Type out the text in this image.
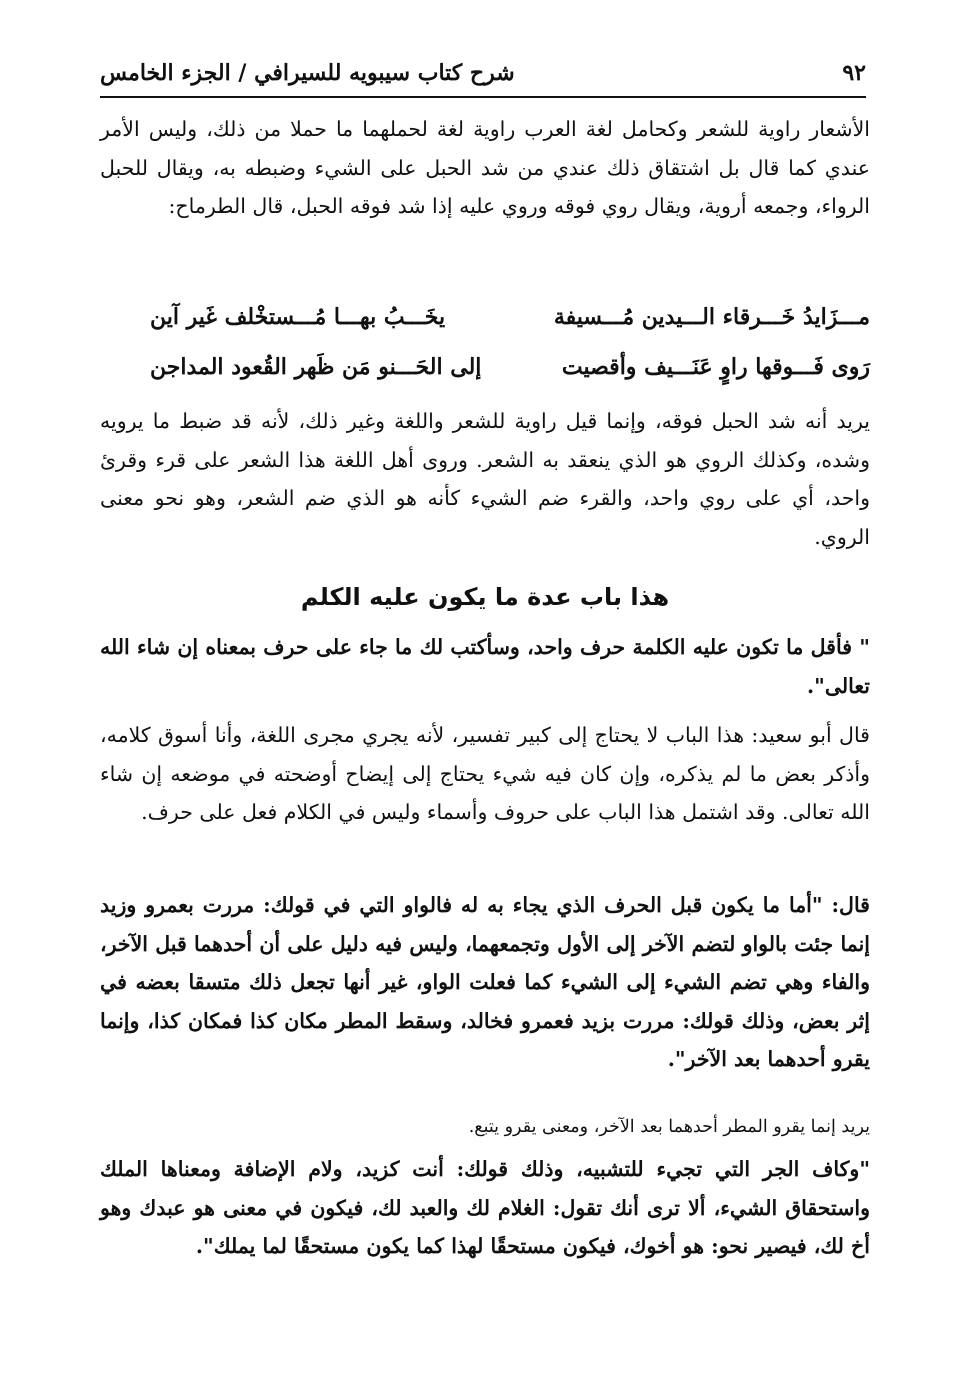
شرح كتاب سيبويه للسيرافي / الجزء الخامس	٩٢

الأشعار راوية للشعر وكحامل لغة العرب راوية لغة لحملهما ما حملا من ذلك، وليس الأمر عندي كما قال بل اشتقاق ذلك عندي من شد الحبل على الشيء وضبطه به، ويقال للحبل الرواء، وجمعه أروية، ويقال روي فوقه وروي عليه إذا شد فوقه الحبل، قال الطرماح:

مـــزَايدُ خَـــرقاء الـــيدين مُـــسيفة
يخَـــبُ بهـــا مُـــستخْلف غَير آين
رَوى فَـــوقها راوٍ عَنَـــيف وأقصيت
إلى الحَـــنو مَن ظَهر القُعود المداجن

يريد أنه شد الحبل فوقه، وإنما قيل راوية للشعر واللغة وغير ذلك، لأنه قد ضبط ما يرويه وشده، وكذلك الروي هو الذي ينعقد به الشعر. وروى أهل اللغة هذا الشعر على قرء وقرئ واحد، أي على روي واحد، والقرء ضم الشيء كأنه هو الذي ضم الشعر، وهو نحو معنى الروي.

هذا باب عدة ما يكون عليه الكلم

" فأقل ما تكون عليه الكلمة حرف واحد، وسأكتب لك ما جاء على حرف بمعناه إن شاء الله تعالى".

قال أبو سعيد: هذا الباب لا يحتاج إلى كبير تفسير، لأنه يجري مجرى اللغة، وأنا أسوق كلامه، وأذكر بعض ما لم يذكره، وإن كان فيه شيء يحتاج إلى إيضاح أوضحته في موضعه إن شاء الله تعالى. وقد اشتمل هذا الباب على حروف وأسماء وليس في الكلام فعل على حرف.

قال: "أما ما يكون قبل الحرف الذي يجاء به له فالواو التي في قولك: مررت بعمرو وزيد إنما جئت بالواو لتضم الآخر إلى الأول وتجمعهما، وليس فيه دليل على أن أحدهما قبل الآخر، والفاء وهي تضم الشيء إلى الشيء كما فعلت الواو، غير أنها تجعل ذلك متسقا بعضه في إثر بعض، وذلك قولك: مررت بزيد فعمرو فخالد، وسقط المطر مكان كذا فمكان كذا، وإنما يقرو أحدهما بعد الآخر".

يريد إنما يقرو المطر أحدهما بعد الآخر، ومعنى يقرو يتبع.

"وكاف الجر التي تجيء للتشبيه، وذلك قولك: أنت كزيد، ولام الإضافة ومعناها الملك واستحقاق الشيء، ألا ترى أنك تقول: الغلام لك والعبد لك، فيكون في معنى هو عبدك وهو أخ لك، فيصير نحو: هو أخوك، فيكون مستحقًا لهذا كما يكون مستحقًا لما يملك".
